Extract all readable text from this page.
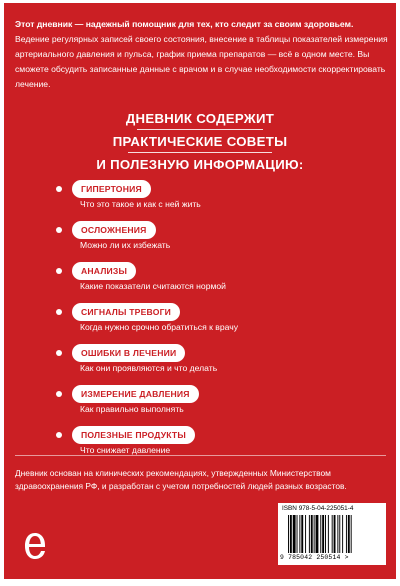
Этот дневник — надежный помощник для тех, кто следит за своим здоровьем. Ведение регулярных записей своего состояния, внесение в таблицы показателей измерения артериального давления и пульса, график приема препаратов — всё в одном месте. Вы сможете обсудить записанные данные с врачом и в случае необходимости скорректировать лечение.
ДНЕВНИК СОДЕРЖИТ
ПРАКТИЧЕСКИЕ СОВЕТЫ
И ПОЛЕЗНУЮ ИНФОРМАЦИЮ:
ГИПЕРТОНИЯ
Что это такое и как с ней жить
ОСЛОЖНЕНИЯ
Можно ли их избежать
АНАЛИЗЫ
Какие показатели считаются нормой
СИГНАЛЫ ТРЕВОГИ
Когда нужно срочно обратиться к врачу
ОШИБКИ В ЛЕЧЕНИИ
Как они проявляются и что делать
ИЗМЕРЕНИЕ ДАВЛЕНИЯ
Как правильно выполнять
ПОЛЕЗНЫЕ ПРОДУКТЫ
Что снижает давление
Дневник основан на клинических рекомендациях, утвержденных Министерством здравоохранения РФ, и разработан с учетом потребностей людей разных возрастов.
ISBN 978-5-04-225051-4
9 785042 250514 >
